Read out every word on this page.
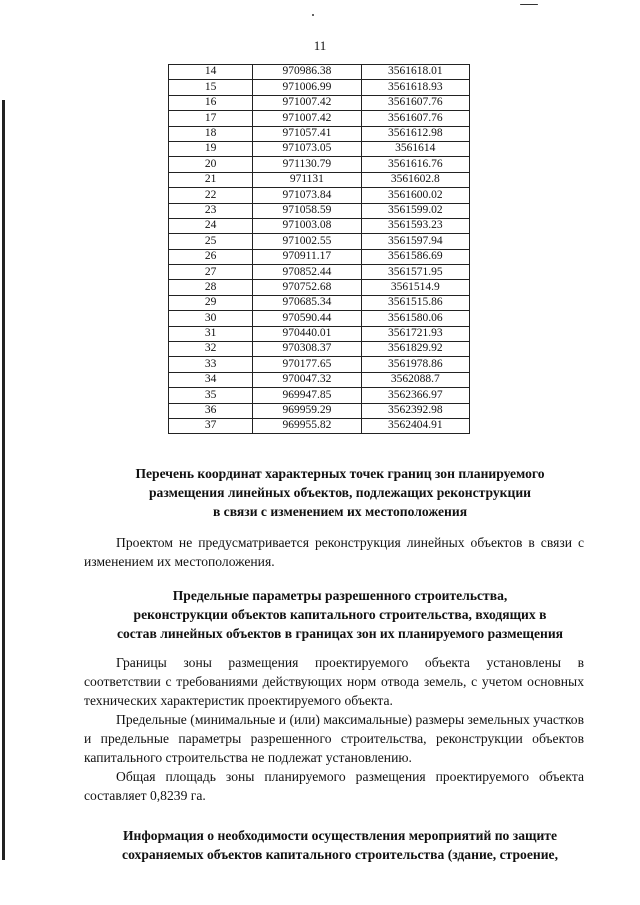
11
14	970986.38	3561618.01
15	971006.99	3561618.93
16	971007.42	3561607.76
17	971007.42	3561607.76
18	971057.41	3561612.98
19	971073.05	3561614
20	971130.79	3561616.76
21	971131	3561602.8
22	971073.84	3561600.02
23	971058.59	3561599.02
24	971003.08	3561593.23
25	971002.55	3561597.94
26	970911.17	3561586.69
27	970852.44	3561571.95
28	970752.68	3561514.9
29	970685.34	3561515.86
30	970590.44	3561580.06
31	970440.01	3561721.93
32	970308.37	3561829.92
33	970177.65	3561978.86
34	970047.32	3562088.7
35	969947.85	3562366.97
36	969959.29	3562392.98
37	969955.82	3562404.91
Перечень координат характерных точек границ зон планируемого
размещения линейных объектов, подлежащих реконструкции
в связи с изменением их местоположения
Проектом не предусматривается реконструкция линейных объектов в связи с изменением их местоположения.
Предельные параметры разрешенного строительства,
реконструкции объектов капитального строительства, входящих в
состав линейных объектов в границах зон их планируемого размещения
Границы зоны размещения проектируемого объекта установлены в соответствии с требованиями действующих норм отвода земель, с учетом основных технических характеристик проектируемого объекта.
Предельные (минимальные и (или) максимальные) размеры земельных участков и предельные параметры разрешенного строительства, реконструкции объектов капитального строительства не подлежат установлению.
Общая площадь зоны планируемого размещения проектируемого объекта составляет 0,8239 га.
Информация о необходимости осуществления мероприятий по защите
сохраняемых объектов капитального строительства (здание, строение,
